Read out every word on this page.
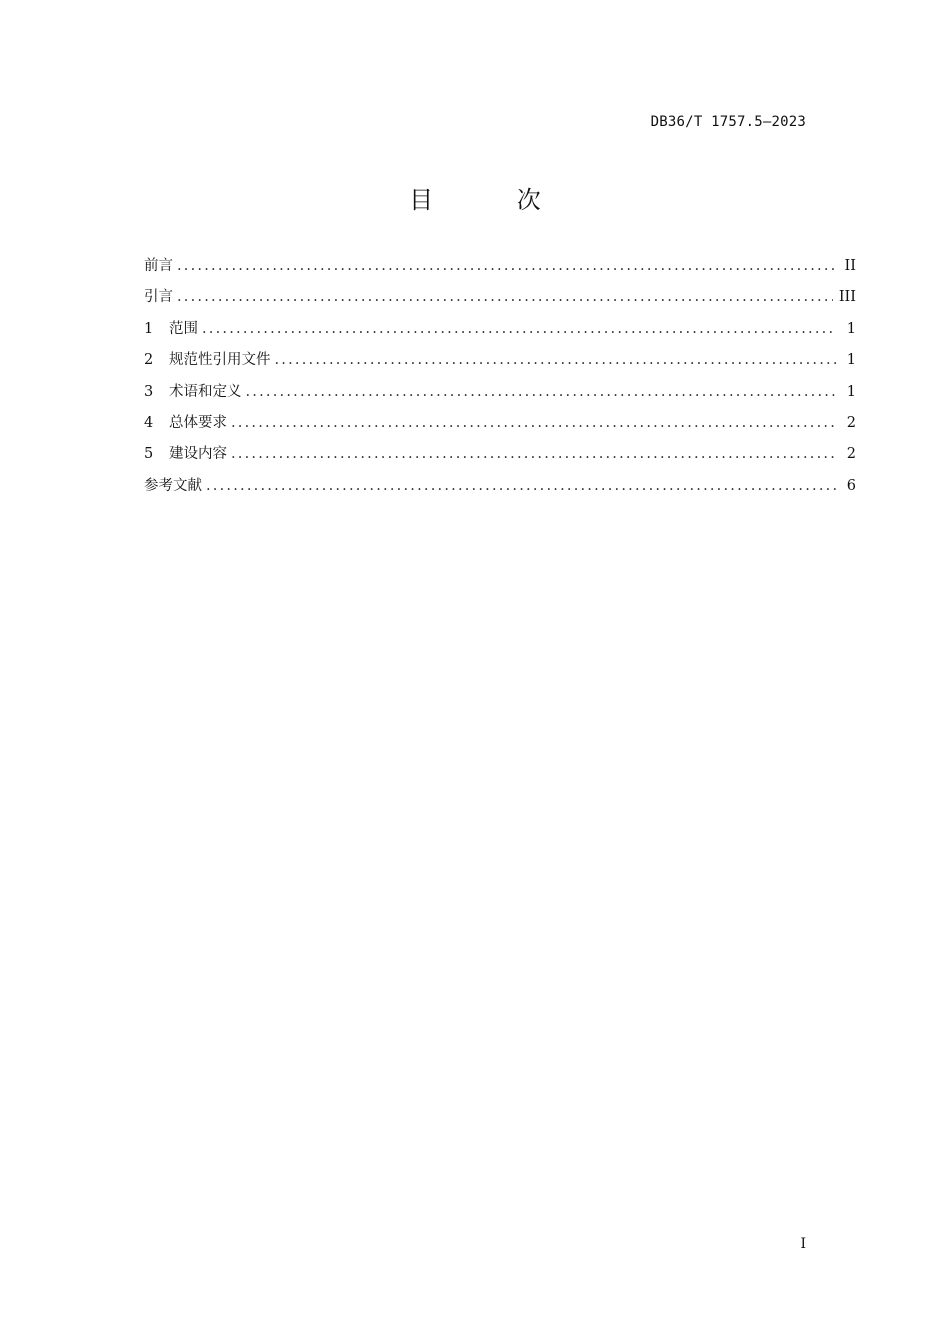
DB36/T 1757.5—2023
目 次
前言 .....	II
引言 .....	III
1	范围 .....	1
2	规范性引用文件 .....	1
3	术语和定义 .....	1
4	总体要求 .....	2
5	建设内容 .....	2
参考文献 .....	6
I
